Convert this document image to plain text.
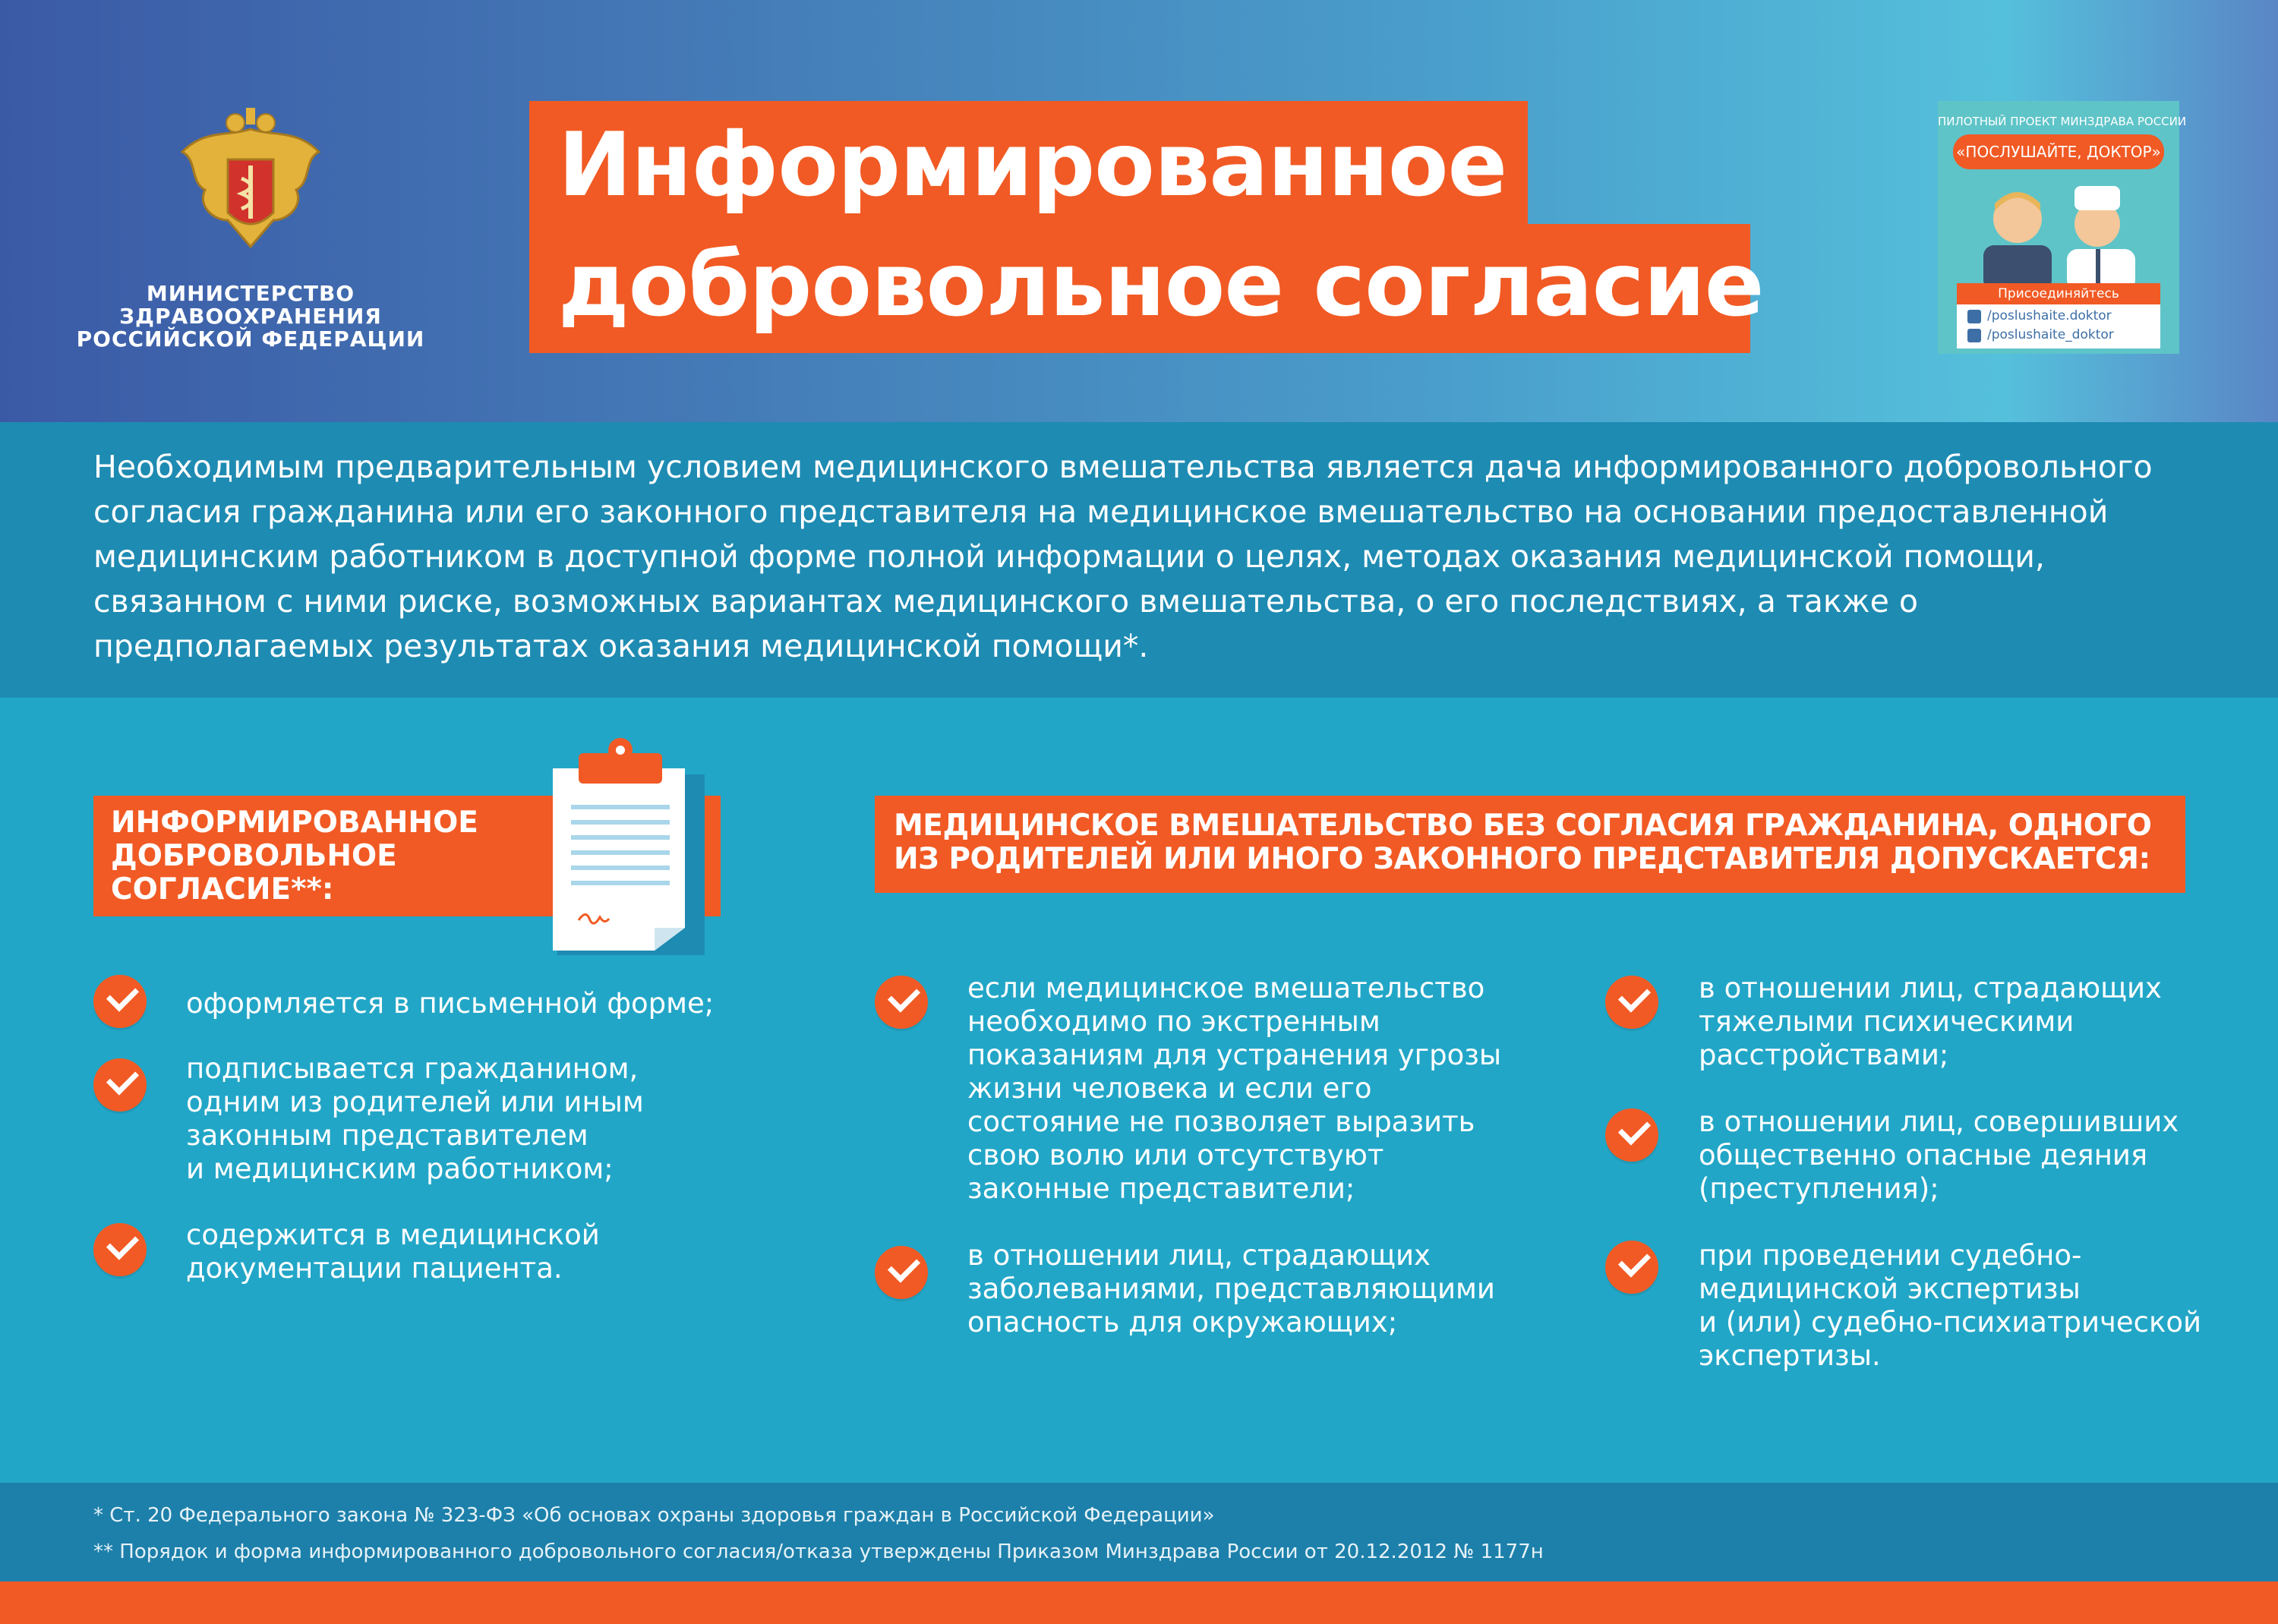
МИНИСТЕРСТВО
ЗДРАВООХРАНЕНИЯ
РОССИЙСКОЙ ФЕДЕРАЦИИ
Информированное
добровольное согласие
ПИЛОТНЫЙ ПРОЕКТ МИНЗДРАВА РОССИИ
«ПОСЛУШАЙТЕ, ДОКТОР»
Присоединяйтесь
/poslushaite.doktor
/poslushaite_doktor

Необходимым предварительным условием медицинского вмешательства является дача информированного добровольного согласия гражданина или его законного представителя на медицинское вмешательство на основании предоставленной медицинским работником в доступной форме полной информации о целях, методах оказания медицинской помощи, связанном с ними риске, возможных вариантах медицинского вмешательства, о его последствиях, а также о предполагаемых результатах оказания медицинской помощи*.

ИНФОРМИРОВАННОЕ
ДОБРОВОЛЬНОЕ
СОГЛАСИЕ**:
оформляется в письменной форме;
подписывается гражданином,
одним из родителей или иным
законным представителем
и медицинским работником;
содержится в медицинской
документации пациента.
МЕДИЦИНСКОЕ ВМЕШАТЕЛЬСТВО БЕЗ СОГЛАСИЯ ГРАЖДАНИНА, ОДНОГО
ИЗ РОДИТЕЛЕЙ ИЛИ ИНОГО ЗАКОННОГО ПРЕДСТАВИТЕЛЯ ДОПУСКАЕТСЯ:
если медицинское вмешательство
необходимо по экстренным
показаниям для устранения угрозы
жизни человека и если его
состояние не позволяет выразить
свою волю или отсутствуют
законные представители;
в отношении лиц, страдающих
заболеваниями, представляющими
опасность для окружающих;
в отношении лиц, страдающих
тяжелыми психическими
расстройствами;
в отношении лиц, совершивших
общественно опасные деяния
(преступления);
при проведении судебно-
медицинской экспертизы
и (или) судебно-психиатрической
экспертизы.
* Ст. 20 Федерального закона № 323-ФЗ «Об основах охраны здоровья граждан в Российской Федерации»
** Порядок и форма информированного добровольного согласия/отказа утверждены Приказом Минздрава России от 20.12.2012 № 1177н
